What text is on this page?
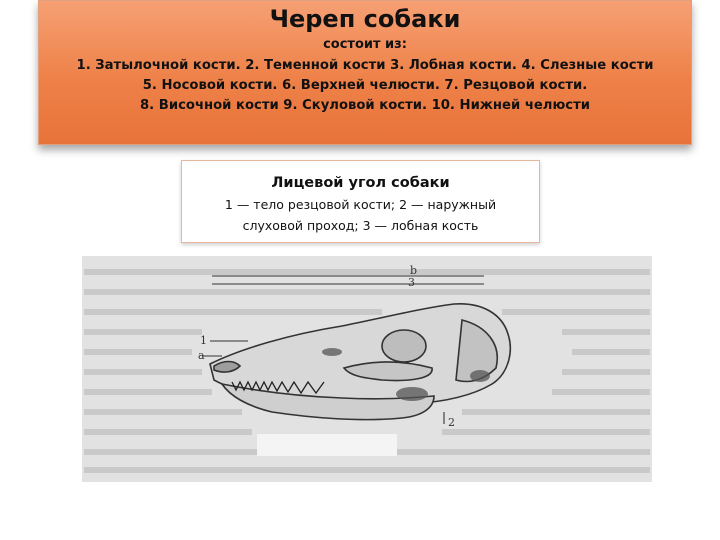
Череп собаки
состоит из:
1. Затылочной кости. 2. Теменной кости 3. Лобная кости. 4. Слезные кости
5. Носовой кости. 6. Верхней челюсти. 7. Резцовой кости.
8. Височной кости 9. Скуловой кости. 10. Нижней челюсти
Лицевой угол собаки
1 — тело резцовой кости; 2 — наружный
слуховой проход; 3 — лобная кость
b
3
1
a
2
